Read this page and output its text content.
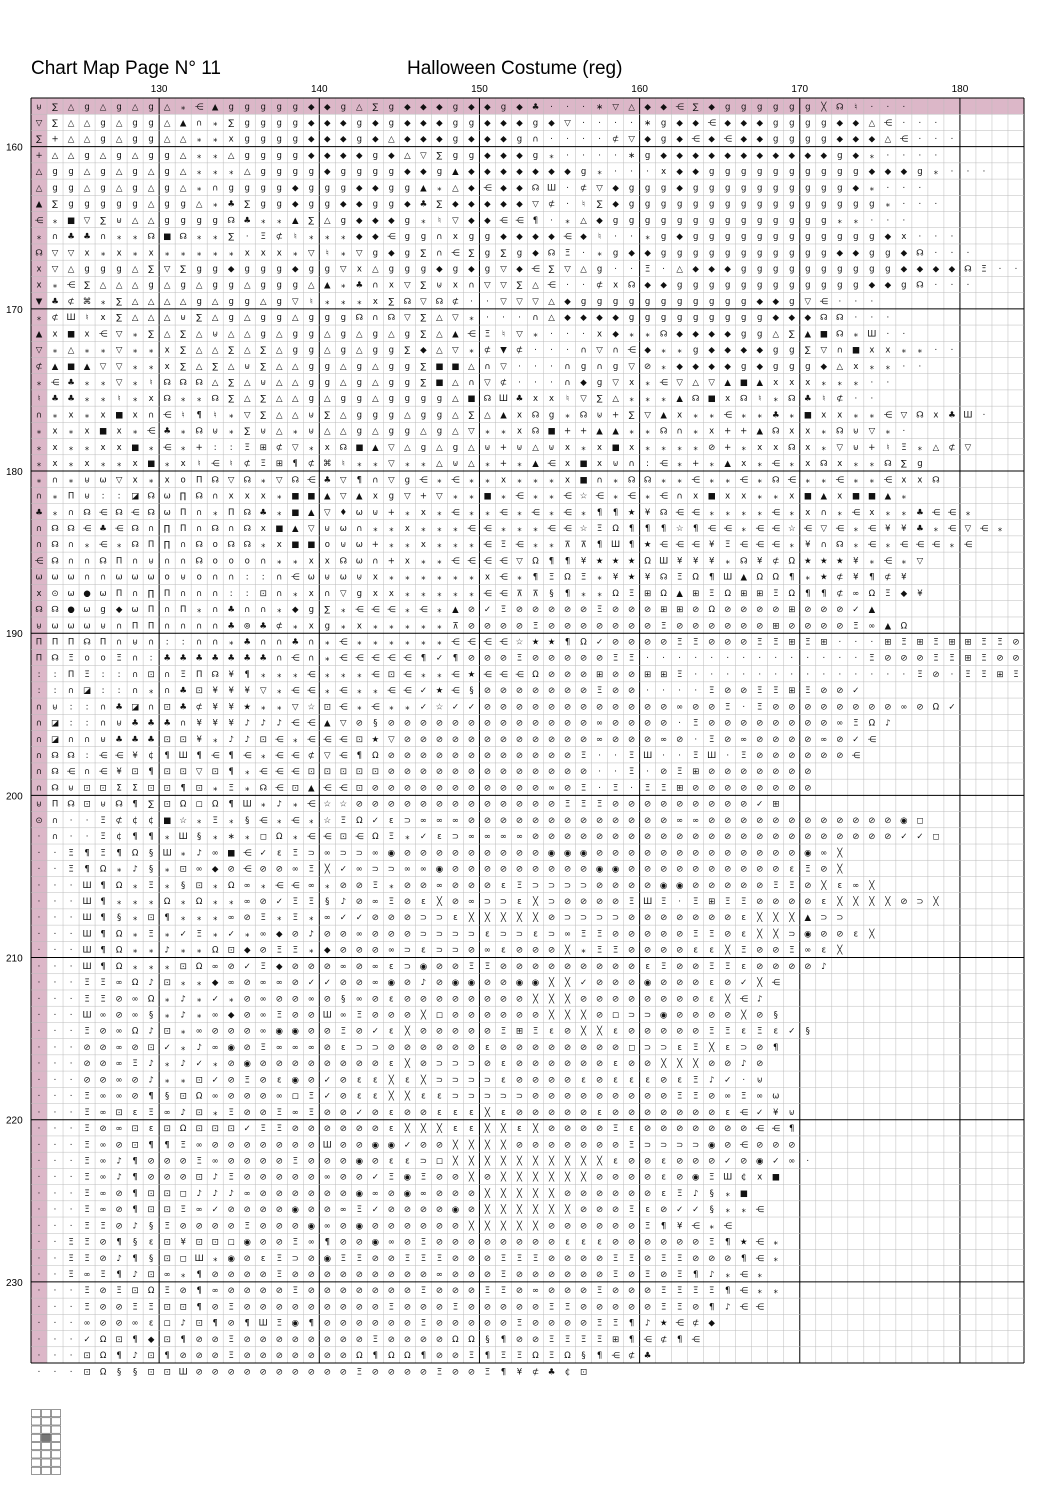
Chart Map Page N° 11	Halloween Costume (reg)
⊍ ∑ △ g △ g △ g △ ⁎ ⋲ ▲ g g g g g ◆ ◆ g △ ∑ g ◆ ◆ ◆ g ◆ ◆ g ◆ ♣ · · · ∗ ▽ △ ◆ ◆ ⋲ ∑ ◆ g g g g g g ╳ ☊ ♮ · · ·
▽ ∑ △ △ g △ g g △ ▲ ∩ ⁎ ∑ g g g g ◆ ◆ ◆ g ◆ g ◆ ◆ ◆ g g ◆ ◆ ◆ g ◆ ▽ · · · · ∗ g ◆ ◆ ⋲ ◆ ◆ ◆ g g g g ◆ ◆ △ ⋲ · · ·
∑ + △ △ g △ g g △ △ ⁎ ⁎ x g g g g ◆ ◆ ◆ g ◆ △ ◆ ◆ ◆ g ◆ ◆ ◆ g ∩ · · · · ⊄ ▽ ◆ g ◆ ⋲ ◆ ⋲ ◆ ◆ g g g g ◆ ◆ ◆ △ ⋲ · · ·
+ △ △ g △ g △ g g △ ⁎ ⁎ △ g g g g ◆ ◆ ◆ ◆ g ◆ △ ▽ ∑ g g ◆ ◆ ◆ g ⁎ · · · · ∗ g ◆ ◆ ◆ ◆ ◆ ◆ ◆ ◆ ◆ ◆ ◆ g ◆ ⁎ · · · ·
△ g g △ g △ g △ g △ ⁎ ⁎ ⁎ △ g g g g ◆ g g g g ◆ ◆ g ▲ ◆ ◆ ◆ ◆ ◆ ◆ ◆ g ⁎ · · · x ◆ ◆ g g g g g g g g g g ◆ ◆ ◆ g ⁎ · · ·
△ g g △ g △ g △ g △ ⁎ ∩ g g g g ◆ g g g ◆ ◆ g g ▲ ⁎ △ ◆ ⋲ ◆ ◆ ☊ Ш · ⊄ ▽ ◆ g g g ◆ g g g g g g g g g g ◆ ⁎ · · ·
▲ ∑ g g g g g △ g g △ ⁎ ♣ ∑ g g ◆ g g ◆ ◆ g g ◆ ♣ ∑ ◆ ◆ ◆ ◆ ◆ ▽ ⊄ · ♮ ∑ ◆ g g g g g g g g g g g g g g g g ⁎ · · ·
⋲ ⁎ ■ ▽ ∑ ⊍ △ △ g g g g ☊ ♣ ⁎ ⁎ ▲ ∑ △ g ◆ ◆ ◆ g ⁎ ♮ ▽ ◆ ◆ ⋲ ⋲ ¶ · ⁎ △ ◆ g g g g g g g g g g g g g g ⁎ ⁎ · · ·
⁎ ∩ ♣ ♣ ∩ ⁎ ⁎ ☊ ■ ☊ ⁎ ⁎ ∑ · Ξ ⊄ ♮ ⁎ ⁎ ⁎ ◆ ◆ ⋲ g g ∩ x g g ◆ ◆ ◆ ◆ ⋲ ◆ ♮ · · ⁎ g ◆ g g g g g g g g g g g g ◆ x · · ·
☊ ▽ ▽ x ⁎ x ⁎ x ⁎ ⁎ ⁎ ⁎ ⁎ x x x ⁎ ▽ ♮ ⁎ ▽ g ◆ g ∑ ∩ ⋲ ∑ g ∑ g ◆ ☊ Ξ · ⁎ g ◆ ◆ g g g g g g g g g g g ◆ ◆ g g ◆ ☊ · · ·
x ▽ △ g g g △ ∑ ▽ ∑ g g ◆ g g g ◆ g g ▽ x △ g g g ◆ g ◆ g ▽ ◆ ⋲ ∑ ▽ △ g · · Ξ · △ ◆ ◆ ◆ g g g g g g g g g g ◆ ◆ ◆ ◆ ☊ Ξ · ·
x ⁎ ⋲ ∑ △ △ △ g △ g △ g g △ g g g △ ▲ ⁎ ♣ ∩ x ▽ ∑ ⊍ x ∩ ▽ ▽ ∑ △ ⋲ · · ⊄ x ☊ ◆ ◆ g g g g g g g g g g g g ◆ ◆ g ☊ · · ·
▼ ♣ ⊄ ⌘ ⁎ ∑ △ △ △ △ g △ g g △ g ▽ ♮ ⁎ ⁎ ⁎ x ∑ ☊ ▽ ☊ ⊄ · · ▽ ▽ ▽ △ ◆ g g g g g g g g g g g ◆ ◆ g ▽ ⋲ · · ·
⁎ ⊄ Ш ♮ x ∑ △ △ △ ⊍ ∑ △ g △ g g △ g g g ☊ ∩ ☊ ▽ ∑ △ ▽ ⁎ · · · ∩ △ ◆ ◆ ◆ ◆ g g g g g g g g g ◆ ◆ ◆ ☊ ☊ · · ·
▲ x ■ x ⋲ ▽ ⁎ ∑ △ ∑ △ ⊍ △ △ g △ g g △ g △ g △ g ∑ △ ▲ ⋲ Ξ ♮ ▽ ⁎ · · · x ◆ ⁎ ⁎ ☊ ◆ ◆ ◆ ◆ g g △ ∑ ▲ ■ ☊ ⁎ Ш · ·
▽ ⁎ △ ⁎ ⁎ ▽ ⁎ ⁎ x ∑ △ △ ∑ △ ∑ △ g g △ g △ g g ∑ ◆ △ ▽ ⁎ ⊄ ▼ ⊄ · · · ∩ ▽ ∩ ⋲ ◆ ⁎ ⁎ g ◆ ◆ ◆ ◆ g g ∑ ▽ ∩ ■ x x ⁎ ⁎ · ·
⊄ ▲ ■ ▲ ▽ ▽ ⁎ ⁎ x ∑ △ ∑ △ ⊍ ∑ △ △ g g △ g △ g g ∑ ■ ■ △ ∩ ▽ · · · ∩ g ∩ g ▽ ⊘ ⁎ ◆ ◆ ◆ ◆ g ◆ g g g ◆ △ x ⁎ ⁎ · ·
⁎ ⋲ ♣ ⁎ ⁎ ▽ ⁎ ♮ ☊ ☊ ☊ △ ∑ △ ⊍ △ △ g g △ g △ g g ∑ ■ △ ∩ ▽ ⊄ · · · ∩ ◆ g ▽ x ⁎ ⋲ ▽ △ ▽ ▲ ■ ▲ x x x ⁎ ⁎ ⁎ · ·
♮ ♣ ♣ ⁎ ⁎ ♮ ⁎ x ☊ ⁎ ⁎ ☊ ∑ △ ∑ △ △ g △ g g △ g g g g △ ■ ☊ Ш ♣ x x ♮ ▽ ∑ △ ⁎ ⁎ ⁎ ▲ ☊ ■ x ☊ ♮ ⁎ ☊ ♣ ♮ ⊄ · ·
∩ ⁎ x ⁎ x ■ x ∩ ⋲ ♮ ¶ ♮ ⁎ ▽ ∑ △ △ ⊍ ∑ △ g g g △ g g △ ∑ △ ▲ x ☊ g ⁎ ☊ ⊍ + ∑ ▽ ▲ x ⁎ ⁎ ⋲ ⁎ ⁎ ♣ ⁎ ■ x x ⁎ ⁎ ⋲ ▽ ☊ x ♣ Ш ·
⁎ x ⁎ x ■ x ⁎ ⋲ ♣ ⁎ ☊ ⊍ ⁎ ∑ ⊍ △ ⁎ ⊍ △ △ g △ g g △ g △ ▽ ⁎ ⁎ x ☊ ■ + + ▲ ▲ ⁎ ⁎ ☊ ∩ ⁎ x + + ▲ ☊ x x ⁎ ☊ ⊍ ▽ ⁎ ·
⁎ x ⁎ ⁎ x x ■ ⁎ ⋲ ⁎ + : : Ξ ⊞ ⊄ ▽ ⁎ x ☊ ■ ▲ ▽ △ g △ g △ ⊍ + ⊍ △ ⊍ x ⁎ x ■ x ⁎ ⁎ ⁎ ⁎ ⊘ + ⁎ x x ☊ x ⁎ ▽ ⊍ + ♮ Ξ ⁎ △ ⊄ ▽
⁎ x ⁎ x ⁎ ⁎ x ■ ⁎ x ♮ ⋲ ♮ ⊄ Ξ ⊞ ¶ ⊄ ⌘ ♮ ⁎ ⁎ ▽ ⁎ ⁎ △ ⊍ △ ⁎ + ⁎ ▲ ⋲ x ■ x ⊍ ∩ : ⋲ ⁎ + ⁎ ▲ x ⁎ ⋲ ⁎ x ☊ x ⁎ ⁎ ☊ ∑ g
⁎ ∩ ⁎ ⊍ ω ▽ x ⁎ x ο Π ☊ ▽ ☊ ⁎ ▽ ☊ ⋲ ♣ ▽ ¶ ∩ ▽ g ⋲ ⁎ ⋲ ⁎ ⁎ x ⁎ ⁎ ⁎ x ■ ∩ ⁎ ☊ ☊ ⁎ ⁎ ⋲ ⁎ ⁎ ⋲ ⁎ ☊ ⋲ ⁎ ⁎ ⋲ ⁎ ⁎ ⋲ x x ☊
∩ ⁎ Π ⊍ : : ◪ ☊ ω ∏ ☊ ∩ x x x ⁎ ■ ■ ▲ ▽ ▲ x g ▽ + ▽ ⁎ ⁎ ■ ⁎ ⋲ ⁎ ⁎ ⋲ ☆ ⋲ ⁎ ⋲ ⁎ ⋲ ∩ x ■ x x ⁎ ⁎ x ■ ▲ x ■ ■ ▲ ⁎
♣ ⁎ ∩ ☊ ⋲ ☊ ⋲ ☊ ω Π ∩ ⁎ Π ☊ ♣ ⁎ ■ ▲ ▽ ♦ ω ⊍ + ⁎ x ⁎ ⋲ ⁎ ⁎ ⋲ ⁎ ⋲ ⁎ ⋲ ⁎ ¶ ¶ ★ ¥ ☊ ⋲ ⋲ ⁎ ⁎ ⁎ ⁎ ⋲ ⁎ x ∩ ⁎ ⋲ x ⁎ ⁎ ♣ ⋲ ⋲ ⁎
∩ ☊ ☊ ⋲ ♣ ⋲ ☊ ∩ ∏ Π ∩ ☊ ∩ ☊ x ■ ▲ ▽ ⊍ ω ∩ ⁎ ⁎ x ⁎ ⁎ ⁎ ⋲ ⋲ ⁎ ⁎ ⁎ ⋲ ⋲ ☆ Ξ Ω ¶ ¶ ¶ ☆ ¶ ⋲ ⋲ ⁎ ⋲ ⋲ ☆ ⋲ ▽ ⋲ ⁎ ⋲ ¥ ¥ ♣ ⁎ ⋲ ▽ ⋲ ⁎
∩ ☊ ∩ ⁎ ⋲ ⁎ ☊ Π ∏ ∩ ☊ ο ☊ ☊ ⁎ x ■ ■ ο ⊍ ω + ⁎ ⁎ x ⁎ ⁎ ⁎ ⋲ Ξ ⋲ ⁎ ⁎ ⊼ ⊼ ¶ Ш ¶ ★ ⋲ ⋲ ⋲ ¥ Ξ ⋲ ⋲ ⋲ ⁎ ¥ ∩ ☊ ⁎ ⋲ ⁎ ⋲ ⋲ ⋲ ⁎ ⋲
⋲ ☊ ∩ ∩ ☊ Π ∩ ⊍ ∩ ∩ ☊ ο ο ο ∩ ⁎ ⁎ x x ☊ ω ∩ + x ⁎ ⁎ ⋲ ⋲ ⋲ ⋲ ▽ Ω ¶ ¶ ¥ ★ ★ ★ Ω Ш ¥ ¥ ¥ ⁎ ☊ ¥ ⊄ Ω ★ ★ ★ ¥ ⁎ ⋲ ⁎ ▽
ω ω ω ∩ ∩ ω ω ω ο ⊍ ο ∩ ∩ : : ∩ ⋲ ω ⊍ ω ⊍ x ⁎ ⁎ ⁎ ⁎ ⁎ ⁎ x ⋲ ⁎ ¶ Ξ Ω Ξ ⁎ ¥ ★ ¥ ☊ Ξ Ω ¶ Ш ▲ Ω Ω ¶ ⁎ ★ ⊄ ¥ ¶ ⊄ ¥
x ⊙ ω ● ω Π ∩ ∏ Π ∩ ∩ ∩ : : ⊡ ∩ ⁎ x ∩ ▽ g x x ⁎ ⁎ ⁎ ⁎ ⁎ ⋲ ⋲ ⊼ ⊼ § ¶ ⁎ ⁎ Ω Ξ ⊞ Ω ▲ ⊞ Ξ Ω ⊞ ⊞ Ξ Ω ¶ ¶ ⊄ ∞ Ω Ξ ◆ ¥
☊ ☊ ● ω g ◆ ω Π ∩ Π ⁎ ∩ ♣ ∩ ∩ ⁎ ◆ g ∑ ⁎ ⋲ ⋲ ⋲ ⁎ ⋲ ⁎ ▲ ⊘ ✓ Ξ ⊘ ⊘ ⊘ ⊘ ⊘ Ξ ⊘ ⊘ ⊘ ⊞ ⊞ ⊘ Ω ⊘ ⊘ ⊘ ⊘ ⊞ ⊘ ⊘ ⊘ ✓ ▲
⊍ ω ω ω ⊍ ∩ Π Π ∩ ∩ ∩ ∩ ♣ ⊚ ♣ ⊄ ⁎ x g ⁎ x ⁎ ⁎ ⁎ ⁎ ⁎ ⊼ ⊘ ⊘ ⊘ ⊘ Ξ ⊘ ⊘ ⊘ ⊘ ⊘ ⊘ ⊘ Ξ ⊘ ⊘ ⊘ ⊘ ⊘ ⊘ ⊞ ⊘ ⊘ ⊘ ⊘ Ξ ∞ ▲ Ω
Π Π Π ☊ Π ∩ ⊍ ∩ : : ∩ ∩ ⁎ ♣ ∩ ∩ ♣ ∩ ⁎ ⋲ ⁎ ⁎ ⁎ ⁎ ⁎ ⁎ ⋲ ⋲ ⋲ ⋲ ☆ ★ ★ ¶ Ω ✓ ⊘ ⊘ ⊘ ⊘ Ξ Ξ ⊘ ⊘ ⊘ Ξ Ξ ⊞ Ξ ⊞ · · · ⊞ Ξ ⊞ Ξ ⊞ ⊞ Ξ Ξ ⊘
Π ☊ Ξ ο ο Ξ ∩ : ♣ ♣ ♣ ♣ ♣ ♣ ♣ ∩ ⋲ ∩ ⁎ ⋲ ⋲ ⋲ ⋲ ⋲ ¶ ✓ ¶ ⊘ ⊘ ⊘ Ξ ⊘ ⊘ ⊘ ⊘ ⊘ Ξ Ξ · · · · · · · · · · · · · · Ξ ⊘ ⊘ ⊘ Ξ Ξ ⊞ Ξ ⊘ ⊘
: : Π Ξ : : ∩ ⊡ ∩ Ξ Π ☊ ¥ ¶ ⁎ ⁎ ⁎ ⋲ ⁎ ⁎ ⁎ ⋲ ⊡ ⋲ ⁎ ⁎ ⋲ ★ ⋲ ⋲ ⋲ Ω ⊘ ⊘ ⊘ ⊞ ⊘ ⊘ ⊞ ⊞ Ξ · · · · · · · · · · · · · · Ξ ⊘ · Ξ Ξ ⊞ Ξ
: : ∩ ◪ : : ∩ ⁎ ∩ ♣ ⊡ ¥ ¥ ¥ ▽ ⁎ ⋲ ⋲ ⁎ ⋲ ⁎ ⁎ ⋲ ⋲ ✓ ★ ⋲ § ⊘ ⊘ ⊘ ⊘ ⊘ ⊘ ⊘ Ξ ⊘ ⊘ · · · · Ξ ⊘ ⊘ Ξ Ξ ⊞ Ξ ⊘ ⊘ ✓
∩ ⊍ : : ∩ ♣ ◪ ∩ ⊡ ♣ ⊄ ¥ ¥ ★ ⁎ ⁎ ▽ ☆ ⊡ ⋲ ⁎ ⋲ ⁎ ⁎ ✓ ☆ ✓ ✓ ⊘ ⊘ ⊘ ⊘ ⊘ ⊘ ⊘ ⊘ ⊘ ⊘ ⊘ ⊘ ∞ ⊘ ⊘ Ξ · Ξ ⊘ ⊘ ⊘ ⊘ ⊘ ⊘ ⊘ ⊘ ∞ ⊘ Ω ✓
∩ ◪ : : ∩ ⊍ ♣ ♣ ♣ ∩ ¥ ¥ ¥ ♪ ♪ ♪ ⋲ ⋲ ▲ ▽ ⊘ § ⊘ ⊘ ⊘ ⊘ ⊘ ⊘ ⊘ ⊘ ⊘ ⊘ ⊘ ⊘ ⊘ ∞ ⊘ ⊘ ⊘ ⊘ · Ξ ⊘ ⊘ ⊘ ⊘ ⊘ ⊘ ⊘ ⊘ ∞ Ξ Ω ♪
∩ ◪ ∩ ∩ ⊍ ♣ ♣ ♣ ⊡ ⊡ ¥ ⁎ ♪ ♪ ⊡ ⋲ ⁎ ⋲ ⋲ ⋲ ⊡ ★ ▽ ⊘ ⊘ ⊘ ⊘ ⊘ ⊘ ⊘ ⊘ ⊘ ⊘ ⊘ ⊘ ∞ ⊘ ⊘ ⊘ ∞ ⊘ · Ξ ⊘ ∞ ⊘ ⊘ ⊘ ⊘ ∞ ⊘ ✓ ⋲
∩ ☊ ☊ : ⋲ ⋲ ¥ ¢ ¶ Ш ¶ ⋲ ¶ ⋲ ⁎ ⋲ ⋲ ⊄ ▽ ⋲ ¶ Ω ⊘ ⊘ ⊘ ⊘ ⊘ ⊘ ⊘ ⊘ ⊘ ⊘ ⊘ ⊘ Ξ · · Ξ Ш · · Ξ Ш · Ξ ⊘ ⊘ ⊘ ⊘ ⊘ ⊘ ⋲
∩ ☊ ⋲ ∩ ⋲ ¥ ⊡ ¶ ⊡ ⊡ ▽ ⊡ ¶ ⁎ ⋲ ⋲ ⋲ ⊡ ⊡ ⊡ ⊡ ⊡ ⊘ ⊘ ⊘ ⊘ ⊘ ⊘ ⊘ ⊘ ⊘ ⊘ ⊘ ⊘ ⊘ · · Ξ · ⊘ Ξ ⊞ ⊘ ⊘ ⊘ ⊘ ⊘ ⊘ ⊘
∩ ☊ ⊍ ⊡ ⊡ Σ Σ ⊡ ⊡ ¶ ⊡ ⁎ Ξ ⁎ ☊ ⋲ ⊡ ▲ ⋲ ⋲ ⊡ ⊘ ⊘ ⊘ ⊘ ⊘ ⊘ ⊘ ⊘ ⊘ ⊘ ⊘ ∞ ⊘ Ξ · Ξ · Ξ Ξ ⊞ ⊘ ⊘ ⊘ ⊘ ⊘ ⊘ ⊘ ⊘
⊍ Π ☊ ⊡ ⊍ ☊ ¶ ∑ ⊡ Ω ◻ Ω ¶ Ш ⁎ ♪ ⁎ ⋲ ☆ ☆ ⊘ ⊘ ⊘ ⊘ ⊘ ⊘ ⊘ ⊘ ⊘ ⊘ ⊘ ⊘ ⊘ Ξ Ξ Ξ ⊘ ⊘ ⊘ ⊘ ⊘ ⊘ ⊘ ⊘ ⊘ ✓ ⊞
⊙ ∩ · · Ξ ⊄ ¢ ¢ ■ ☆ ⁎ Ξ ⁎ § ⋲ ⁎ ⋲ ⁎ ☆ Ξ Ω ✓ ε ⊃ ∞ ∞ ∞ ⊘ ⊘ ⊘ ⊘ ⊘ ⊘ ⊘ ⊘ ⊘ ⊘ ⊘ ⊘ ⊘ ∞ ∞ ⊘ ⊘ ⊘ ⊘ ⊘ ⊘ ⊘ ⊘ ⊘ ⊘ ⊘ ⊘ ◉ ◻
· ∩ · · Ξ ¢ ¶ ¶ ⁎ Ш § ⁎ ∗ ⁎ ◻ Ω ⁎ ⋲ ⋲ ⊡ ⋲ Ω Ξ ⁎ ✓ ε ⊃ ∞ ∞ ∞ ∞ ⊘ ⊘ ⊘ ⊘ ⊘ ⊘ ⊘ ⊘ ⊘ ⊘ ⊘ ⊘ ⊘ ⊘ ⊘ ⊘ ⊘ ⊘ ⊘ ⊘ ⊘ ⊘ ⊘ ✓ ✓ ◻
· · Ξ ¶ Ξ ¶ Ω § Ш ⁎ ♪ ∞ ■ ⋲ ✓ ε Ξ ⊃ ∞ ⊃ ⊃ ∞ ◉ ⊘ ⊘ ⊘ ⊘ ⊘ ⊘ ⊘ ⊘ ⊘ ◉ ◉ ◉ ⊘ ⊘ ⊘ ⊘ ⊘ ⊘ ⊘ ⊘ ⊘ ⊘ ⊘ ⊘ ⊘ ◉ ∞ ╳
· · Ξ ¶ Ω ⁎ ♪ § ⁎ ⊡ ∞ ◆ ⊘ ⋲ ⊘ ⊘ ∞ Ξ ╳ ✓ ∞ ⊃ ⊃ ∞ ∞ ◉ ⊘ ⊘ ⊘ ⊘ ⊘ ⊘ ⊘ ⊘ ⊘ ◉ ◉ ⊘ ⊘ ⊘ ⊘ ⊘ ⊘ ⊘ ⊘ ⊘ ⊘ ε Ξ ⊘ ╳
· · · Ш ¶ Ω ⁎ Ξ ⁎ § ⊡ ⁎ Ω ∞ ⁎ ⋲ ⋲ ∞ ⁎ ⊘ ⊘ Ξ ⁎ ⊘ ⊘ ∞ ⊘ ⊘ ⊘ ε Ξ ⊃ ⊃ ⊃ ⊃ ⊘ ⊘ ⊘ ⊘ ◉ ◉ ⊘ ⊘ ⊘ ⊘ ⊘ Ξ Ξ ⊘ ╳ ε ∞ ╳
· · · Ш ¶ ⁎ ⁎ ⁎ Ω ⁎ Ω ⁎ ⁎ ∞ ⊘ ✓ Ξ Ξ § ♪ ⊘ ∞ Ξ ⊘ ε ╳ ⊘ ∞ ⊃ ⊃ ε ╳ ⊃ ⊘ ⊘ ⊘ ⊘ Ξ Ш Ξ · Ξ ⊞ Ξ Ξ ⊘ ⊘ ⊘ ⊘ ε ╳ ╳ ╳ ╳ ⊘ ⊃ ╳
· · · Ш ¶ § ⁎ ⊡ ¶ ⁎ ⁎ ⁎ ∞ ⊘ Ξ ⁎ Ξ ⁎ ∞ ✓ ✓ ⊘ ⊘ ⊘ ⊃ ⊃ ε ╳ ╳ ╳ ╳ ╳ ⊘ ⊃ ⊃ ⊃ ⊃ ⊘ ⊘ ⊘ ⊘ ⊘ ⊘ ⊘ ε ╳ ╳ ╳ ▲ ⊃ ⊃
· · · Ш ¶ Ω ⁎ Ξ ⁎ ✓ Ξ ⁎ ✓ ⁎ ∞ ◆ ⊘ ♪ ⊘ ⊘ ∞ ⊘ ⊘ ⊘ ⊃ ⊃ ⊃ ⊃ ε ⊃ ⊃ ε ⊃ ∞ Ξ Ξ ⊘ ⊘ ⊘ ⊘ ⊘ Ξ Ξ ⊘ ε ╳ ╳ ⊃ ◉ ⊘ ⊘ ε ╳
· · · Ш ¶ Ω ⁎ ⁎ ♪ ⁎ ⁎ Ω ⊡ ◆ ⊘ Ξ Ξ ⁎ ◆ ⊘ ⊘ ⊘ ∞ ⊃ ε ⊃ ⊃ ⊘ ∞ ε ⊘ ⊘ ⊘ ╳ ⁎ Ξ Ξ ⊘ ⊘ ⊘ ⊘ ε ε ╳ Ξ ⊘ ⊘ Ξ ∞ ε ╳
· · · Ш ¶ Ω ⁎ ⁎ ⁎ ⊡ Ω ∞ ⊘ ✓ Ξ ◆ ⊘ ⊘ ⊘ ∞ ⊘ ∞ ε ⊃ ◉ ⊘ ⊘ Ξ Ξ ⊘ ⊘ ⊘ ⊘ ⊘ ⊘ ⊘ ⊘ ⊘ ε Ξ ⊘ ⊘ Ξ Ξ ε ⊘ ⊘ ⊘ ⊘ ♪
· · · Ξ Ξ ∞ Ω ♪ ⊡ ⁎ ⁎ ◆ ∞ ⊘ ∞ ∞ ⊘ ✓ ✓ ⊘ ⊘ ∞ ◉ ⊘ ♪ ⊘ ◉ ◉ ⊘ ⊘ ◉ ◉ ╳ ╳ ✓ ⊘ ⊘ ⊘ ◉ ⊘ ⊘ ⊘ ε ⊘ ✓ ╳ ⋲
· · · Ξ Ξ ⊘ ∞ Ω ⁎ ♪ ⁎ ✓ ⁎ ⊘ ∞ ⊘ ⊘ ∞ ⊘ § ∞ ⊘ ε ⊘ ⊘ ⊘ ⊘ ⊘ ⊘ ⊘ ⊘ ╳ ╳ ╳ ⊘ ⊘ ⊘ ⊘ ⊘ ⊘ ⊘ ⊘ ε ╳ ⋲ ♪
· · · Ш ∞ ⊘ ∞ § ⁎ ♪ ⁎ ∞ ◆ ⊘ ∞ Ξ ⊘ ⊘ Ш ∞ Ξ ⊘ ⊘ ⊘ ╳ ◻ ⊘ ⊘ ⊘ ⊘ ⊘ ⊘ ╳ ╳ ╳ ⊘ ◻ ⊃ ⊃ ◉ ⊘ ⊘ ⊘ ⊘ ╳ ⊘ §
· · · Ξ ⊘ ∞ Ω ♪ ⊡ ⁎ ∞ ⊘ ⊘ ⊘ ∞ ◉ ◉ ⊘ ⊘ Ξ ⊘ ✓ ε ╳ ⊘ ⊘ ⊘ ⊘ ⊘ Ξ ⊞ Ξ ε ⊘ ╳ ╳ ε ⊘ ⊘ ⊘ ⊘ ⊘ Ξ Ξ ε Ξ ε ✓ §
· · · ⊘ ⊘ ∞ ⊘ ⊡ ✓ ⁎ ♪ ∞ ◉ ⊘ Ξ ∞ ∞ ∞ ⊘ ε ⊃ ⊃ ⊘ ⊘ ⊘ ⊘ ⊘ ⊘ ε ⊘ ⊘ ⊘ ⊘ ⊘ ⊘ ⊘ ⊘ ◻ ⊃ ⊃ ε Ξ ╳ ε ⊃ ⊘ ¶
· · · ⊘ ⊘ ∞ Ξ ♪ ⁎ ♪ ✓ ⁎ ⊘ ◉ ⊘ ⊘ ⊘ ⊘ ⊘ ⊘ ⊘ ⊘ ε ╳ ⊘ ⊃ ⊃ ⊃ ⊘ ε ⊘ ⊘ ⊘ ⊘ ⊘ ⊘ ε ⊘ ⊘ ╳ ╳ ╳ ⊘ ⊘ ♪ ⊘
· · · ⊘ ⊘ ∞ ⊘ ♪ ⁎ ⁎ ⊡ ✓ ⊘ Ξ ⊘ ε ◉ ⊘ ✓ ⊘ ε ε ╳ ε ╳ ⊃ ⊃ ⊃ ⊃ ε ⊘ ⊘ ⊘ ⊘ ε ⊘ ε ε ε ⊘ ε Ξ ♪ ✓ · ⊍
· · · Ξ ∞ ∞ ⊘ ¶ § ⊡ Ω ∞ ⊘ ⊘ ⊘ ∞ ◻ Ξ ✓ ⊘ ε ε ╳ ╳ ε ε ⊃ ⊃ ⊃ ⊃ ⊃ ⊘ ⊘ ⊘ ⊘ ⊘ ⊘ ⊘ ⊘ ⊘ Ξ Ξ ⊘ ∞ Ξ ∞ ω
· · · Ξ ∞ ⊡ ε Ξ ∞ ♪ ⊡ ⁎ Ξ ⊘ ⊘ Ξ ∞ Ξ ⊘ ⊘ ✓ ⊘ ε ⊘ ⊘ ε ε ε ╳ ε ⊘ ⊘ ⊘ ⊘ ⊘ ε ⊘ ⊘ ⊘ ⊘ ⊘ ⊘ ⊘ ε ⋲ ✓ ¥ ⊍
· · · Ξ ⊘ ∞ ⊡ ε ⊡ Ω ⊡ ⊡ ⊡ ✓ Ξ Ξ ⊘ ⊘ ⊘ ⊘ ⊘ ⊘ ε ╳ ╳ ╳ ε ε ╳ ╳ ε ╳ ⊘ ⊘ ⊘ ⊘ Ξ ε ⊘ ⊘ ⊘ ⊘ ⊘ ⊘ ⊘ ⋲ ⋲ ¶
· · · Ξ ∞ ⊘ ⊡ ¶ ¶ Ξ ∞ ⊘ ⊘ ⊘ ⊘ ⊘ ⊘ ⊘ Ш ⊘ ⊘ ◉ ◉ ✓ ⊘ ⊘ ╳ ╳ ╳ ╳ ⊘ ⊘ ⊘ ⊘ ⊘ ⊘ ⊘ Ξ ⊃ ⊃ ⊃ ⊃ ◉ ⊘ ⋲ ⊘ ⊘ ⊘
· · · Ξ ∞ ♪ ¶ ⊘ ⊘ ⊘ Ξ ∞ ⊘ ⊘ ⊘ ⊘ Ξ ⊘ ⊘ ⊘ ◉ ⊘ ε ε ⊃ ◻ ╳ ╳ ╳ ╳ ╳ ╳ ╳ ╳ ╳ ╳ ε ⊘ ⊘ ε ⊘ ⊘ ⊘ ✓ ⊘ ◉ ✓ ∞ ·
· · · Ξ ∞ ♪ ¶ ⊘ ⊘ ⊘ ⊡ ♪ Ξ ⊘ ⊘ ⊘ ⊘ ⊘ ∞ ⊘ ⊘ ✓ Ξ ◉ Ξ ⊘ ⊘ ╳ ⊘ ╳ ╳ ╳ ╳ ╳ ╳ ⊘ ⊘ ⊘ ⊘ ε ⊘ ◉ Ξ Ш ¢ x ■
· · · Ξ ∞ ⊘ ¶ ⊡ ⊡ ◻ ♪ ♪ ♪ ∞ ⊘ ⊘ ⊘ ⊘ ⊘ ⊘ ◉ ∞ ⊘ ◉ ∞ ⊘ ⊘ ⊘ ╳ ╳ ╳ ╳ ╳ ⊘ ⊘ ⊘ ⊘ ⊘ ⊘ ε Ξ ♪ § ⁎ ■
· · · Ξ ∞ ⊘ ¶ ⊡ ⊡ Ξ ∞ ✓ ⊘ ⊘ ⊘ ⊘ ◉ ⊘ ⊘ ∞ Ξ ✓ ⊘ ⊘ ⊘ ⊘ ◉ ⊘ ╳ ╳ ╳ ╳ ╳ ╳ ⊘ ⊘ ⊘ Ξ ε ⊘ ✓ ✓ § ⁎ ⁎ ⋲
· · · Ξ Ξ ⊘ ♪ § Ξ ⊘ ⊘ ⊘ ⊘ Ξ ⊘ ⊘ ⊘ ◉ ∞ ⊘ ◉ ⊘ ⊘ ⊘ ⊘ ⊘ ⊘ ╳ ╳ ╳ ╳ ╳ ⊘ ⊘ ⊘ ⊘ ⊘ ⊘ Ξ ¶ ¥ ⋲ ⁎ ⋲
· · Ξ Ξ ⊘ ¶ § ε ⊡ ¥ ⊡ ⊡ ◻ ◉ ⊘ ⊘ Ξ ∞ ¶ ⊘ ⊘ ◉ ∞ ⊘ Ξ ⊘ ⊘ ⊘ ⊘ ⊘ ⊘ ⊘ ⊘ ε ε ε ⊘ ⊘ ⊘ ⊘ ⊘ ⊘ Ξ ¶ ★ ⋲ ⁎
· · Ξ Ξ ⊘ ♪ ¶ § ⊡ ◻ Ш ⁎ ◉ ⊘ ε Ξ ⊃ ⊘ ◉ Ξ Ξ ⊘ ⊘ Ξ Ξ Ξ ⊘ ⊘ ⊘ Ξ Ξ Ξ ⊘ ⊘ ⊘ ⊘ Ξ Ξ ⊘ Ξ Ξ ⊘ ⊘ ⊘ ¶ ⋲ ⁎
· · Ξ ∞ Ξ ¶ ♪ ⊡ ∞ ⁎ ¶ ⊘ ⊘ ⊘ ⊘ Ξ ⊘ ⊘ ⊘ ⊘ ⊘ ⊘ ⊘ ⊘ ⊘ ∞ ⊘ ⊘ ⊘ Ξ ⊘ ⊘ ⊘ ⊘ ⊘ ⊘ Ξ ⊘ Ξ ⊘ Ξ ¶ ♪ ⁎ ⋲ ⁎
· · · Ξ ⊘ Ξ ⊡ Ω Ξ ⊘ ¶ ∞ ⊘ ⊘ ⊘ ⊘ Ξ ⊘ ⊘ ⊘ ⊘ ⊘ ⊘ ⊘ Ξ ⊘ ⊘ ⊘ Ξ Ξ ⊘ ∞ ⊘ ⊘ ⊘ Ξ ⊘ ⊘ ⊘ Ξ Ξ Ξ Ξ ¶ ⋲ ⁎ ⁎
· · · Ξ ⊘ ⊘ Ξ Ξ ⊡ ⊡ ¶ ⊘ Ξ ⊘ ⊘ ⊘ ⊘ ⊘ ⊘ ⊘ ⊘ ⊘ Ξ ⊘ ⊘ ⊘ Ξ ⊘ ⊘ ⊘ ⊘ ⊘ Ξ Ξ ⊘ ⊘ ⊘ ⊘ ⊘ Ξ Ξ ⊘ ¶ ♪ ⋲ ⋲
· · · ∞ ⊘ ⊘ ∞ ε ◻ ♪ ⊡ ¶ ⊘ ¶ Ш Ξ ◉ ¶ ⊘ ⊘ ⊘ ⊘ ⊘ ⊘ Ξ ⊘ ⊘ ⊘ ⊘ ⊘ Ξ ⊘ ⊘ ⊘ ⊘ Ξ Ξ ¶ ♪ ★ ⋲ ⊄ ◆
· · · ✓ Ω ⊡ ¶ ◆ ⊡ ¶ ⊘ ⊘ Ξ ⊘ ⊘ ⊘ ⊘ ⊘ ⊘ ⊘ ⊘ Ξ ⊘ ⊘ ⊘ ⊘ Ω Ω § ¶ ⊘ ⊘ Ξ Ξ Ξ Ξ ⊞ ¶ ⋲ ⊄ ¶ ⋲
· · · ⊡ Ω ¶ ♪ ⊡ ¶ ⊘ ⊘ ⊘ Ξ ⊘ ⊘ ⊘ ⊘ ⊘ ⊘ ⊘ Ω ¶ Ω Ω ¶ ⊘ ⊘ Ξ ¶ Ξ Ξ Ω Ξ Ω § ¶ ⋲ ⊄ ♣
· · · ⊡ Ω § § ⊡ ⊡ Ш ⊘ ⊘ ⊘ ⊘ ⊘ ⊘ ⊘ ⊘ ⊘ ⊘ Ξ ⊘ ⊘ ⊘ ⊘ Ξ ⊘ ⊘ Ξ ¶ ¥ ⊄ ♣ ¢ ⊡
130	140	150	160	170	180
160
170
180
190
200
210
220
230
